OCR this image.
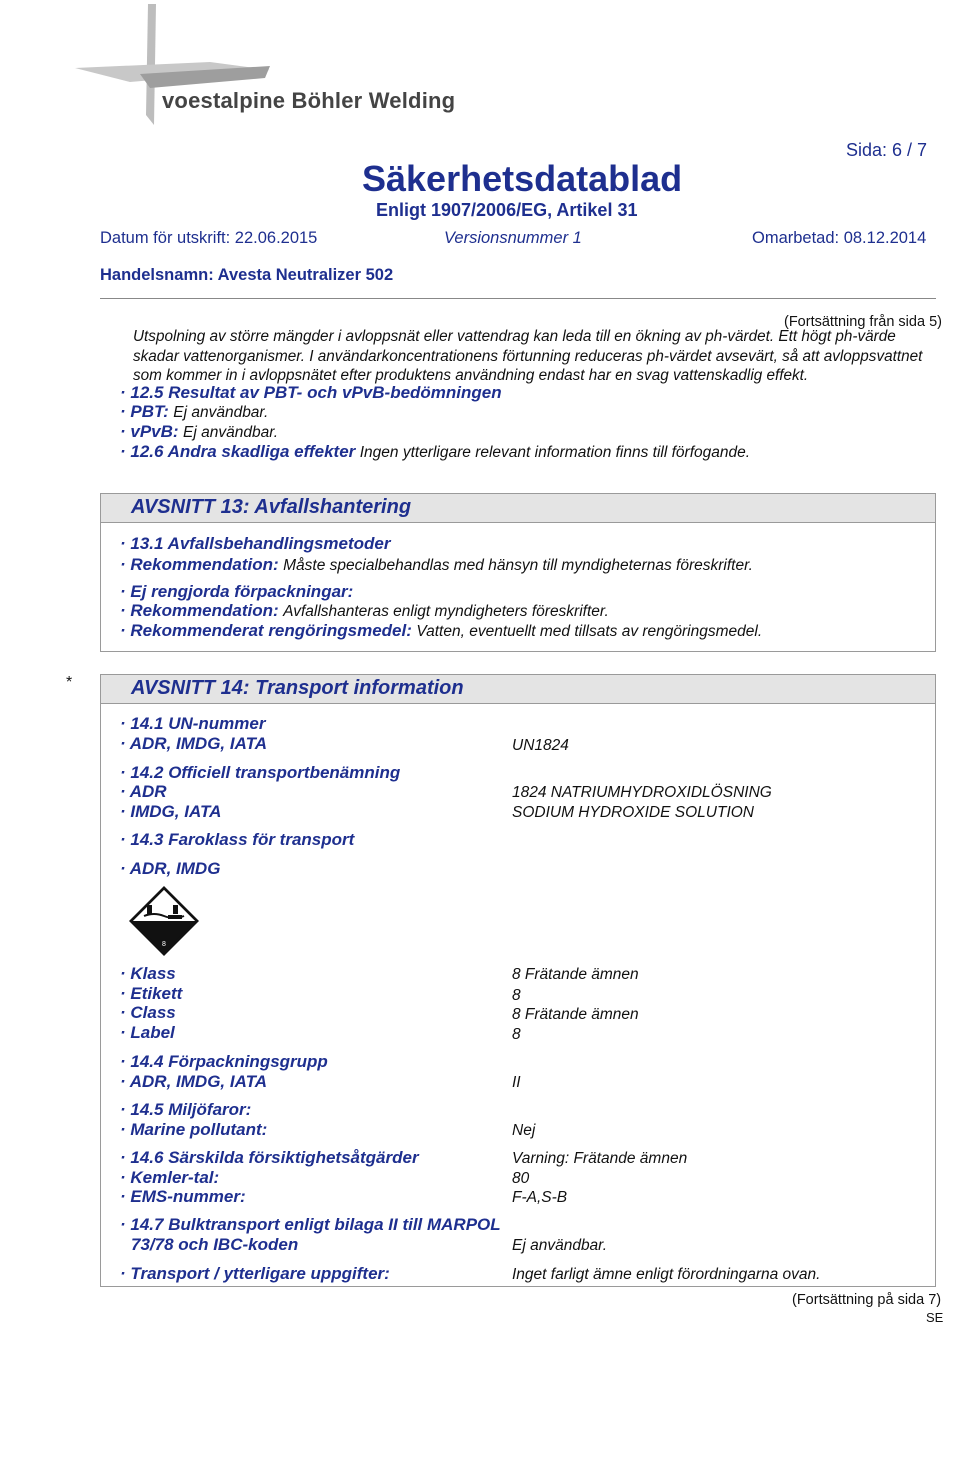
voestalpine Böhler Welding
Sida: 6 / 7
Säkerhetsdatablad
Enligt 1907/2006/EG, Artikel 31
Datum för utskrift: 22.06.2015	Versionsnummer 1	Omarbetad: 08.12.2014
Handelsnamn: Avesta Neutralizer 502
(Fortsättning från sida 5)
Utspolning av större mängder i avloppsnät eller vattendrag kan leda till en ökning av ph-värdet. Ett högt ph-värde skadar vattenorganismer. I användarkoncentrationens förtunning reduceras ph-värdet avsevärt, så att avloppsvattnet som kommer in i avloppsnätet efter produktens användning endast har en svag vattenskadlig effekt.
· 12.5 Resultat av PBT- och vPvB-bedömningen
· PBT: Ej användbar.
· vPvB: Ej användbar.
· 12.6 Andra skadliga effekter Ingen ytterligare relevant information finns till förfogande.
AVSNITT 13: Avfallshantering
· 13.1 Avfallsbehandlingsmetoder
· Rekommendation: Måste specialbehandlas med hänsyn till myndigheternas föreskrifter.
· Ej rengjorda förpackningar:
· Rekommendation: Avfallshanteras enligt myndigheters föreskrifter.
· Rekommenderat rengöringsmedel: Vatten, eventuellt med tillsats av rengöringsmedel.
*	AVSNITT 14: Transport information
· 14.1 UN-nummer
· ADR, IMDG, IATA	UN1824
· 14.2 Officiell transportbenämning
· ADR	1824 NATRIUMHYDROXIDLÖSNING
· IMDG, IATA	SODIUM HYDROXIDE SOLUTION
· 14.3 Faroklass för transport
· ADR, IMDG
· Klass	8 Frätande ämnen
· Etikett	8
· Class	8 Frätande ämnen
· Label	8
· 14.4 Förpackningsgrupp
· ADR, IMDG, IATA	II
· 14.5 Miljöfaror:
· Marine pollutant:	Nej
· 14.6 Särskilda försiktighetsåtgärder	Varning: Frätande ämnen
· Kemler-tal:	80
· EMS-nummer:	F-A,S-B
· 14.7 Bulktransport enligt bilaga II till MARPOL
73/78 och IBC-koden	Ej användbar.
· Transport / ytterligare uppgifter:	Inget farligt ämne enligt förordningarna ovan.
8
(Fortsättning på sida 7)
SE
